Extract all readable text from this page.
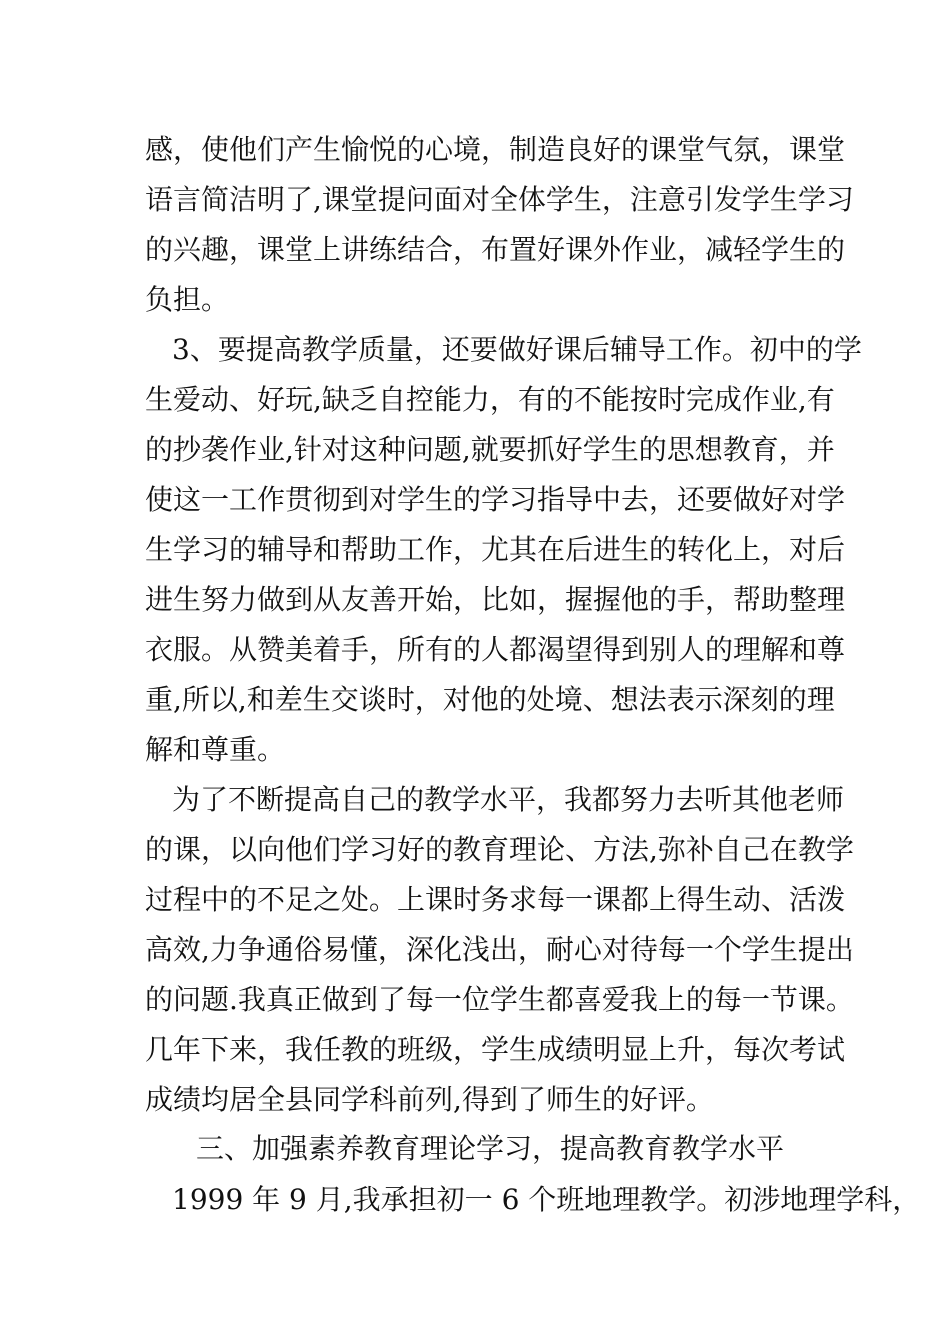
感，使他们产生愉悦的心境，制造良好的课堂气氛，课堂
语言简洁明了,课堂提问面对全体学生，注意引发学生学习
的兴趣，课堂上讲练结合，布置好课外作业，减轻学生的
负担。
3、要提高教学质量，还要做好课后辅导工作。初中的学
生爱动、好玩,缺乏自控能力，有的不能按时完成作业,有
的抄袭作业,针对这种问题,就要抓好学生的思想教育，并
使这一工作贯彻到对学生的学习指导中去，还要做好对学
生学习的辅导和帮助工作，尤其在后进生的转化上，对后
进生努力做到从友善开始，比如，握握他的手，帮助整理
衣服。从赞美着手，所有的人都渴望得到别人的理解和尊
重,所以,和差生交谈时，对他的处境、想法表示深刻的理
解和尊重。
为了不断提高自己的教学水平，我都努力去听其他老师
的课，以向他们学习好的教育理论、方法,弥补自己在教学
过程中的不足之处。上课时务求每一课都上得生动、活泼
高效,力争通俗易懂，深化浅出，耐心对待每一个学生提出
的问题.我真正做到了每一位学生都喜爱我上的每一节课。
几年下来，我任教的班级，学生成绩明显上升，每次考试
成绩均居全县同学科前列,得到了师生的好评。
三、加强素养教育理论学习，提高教育教学水平
1999 年 9 月,我承担初一 6 个班地理教学。初涉地理学科，
